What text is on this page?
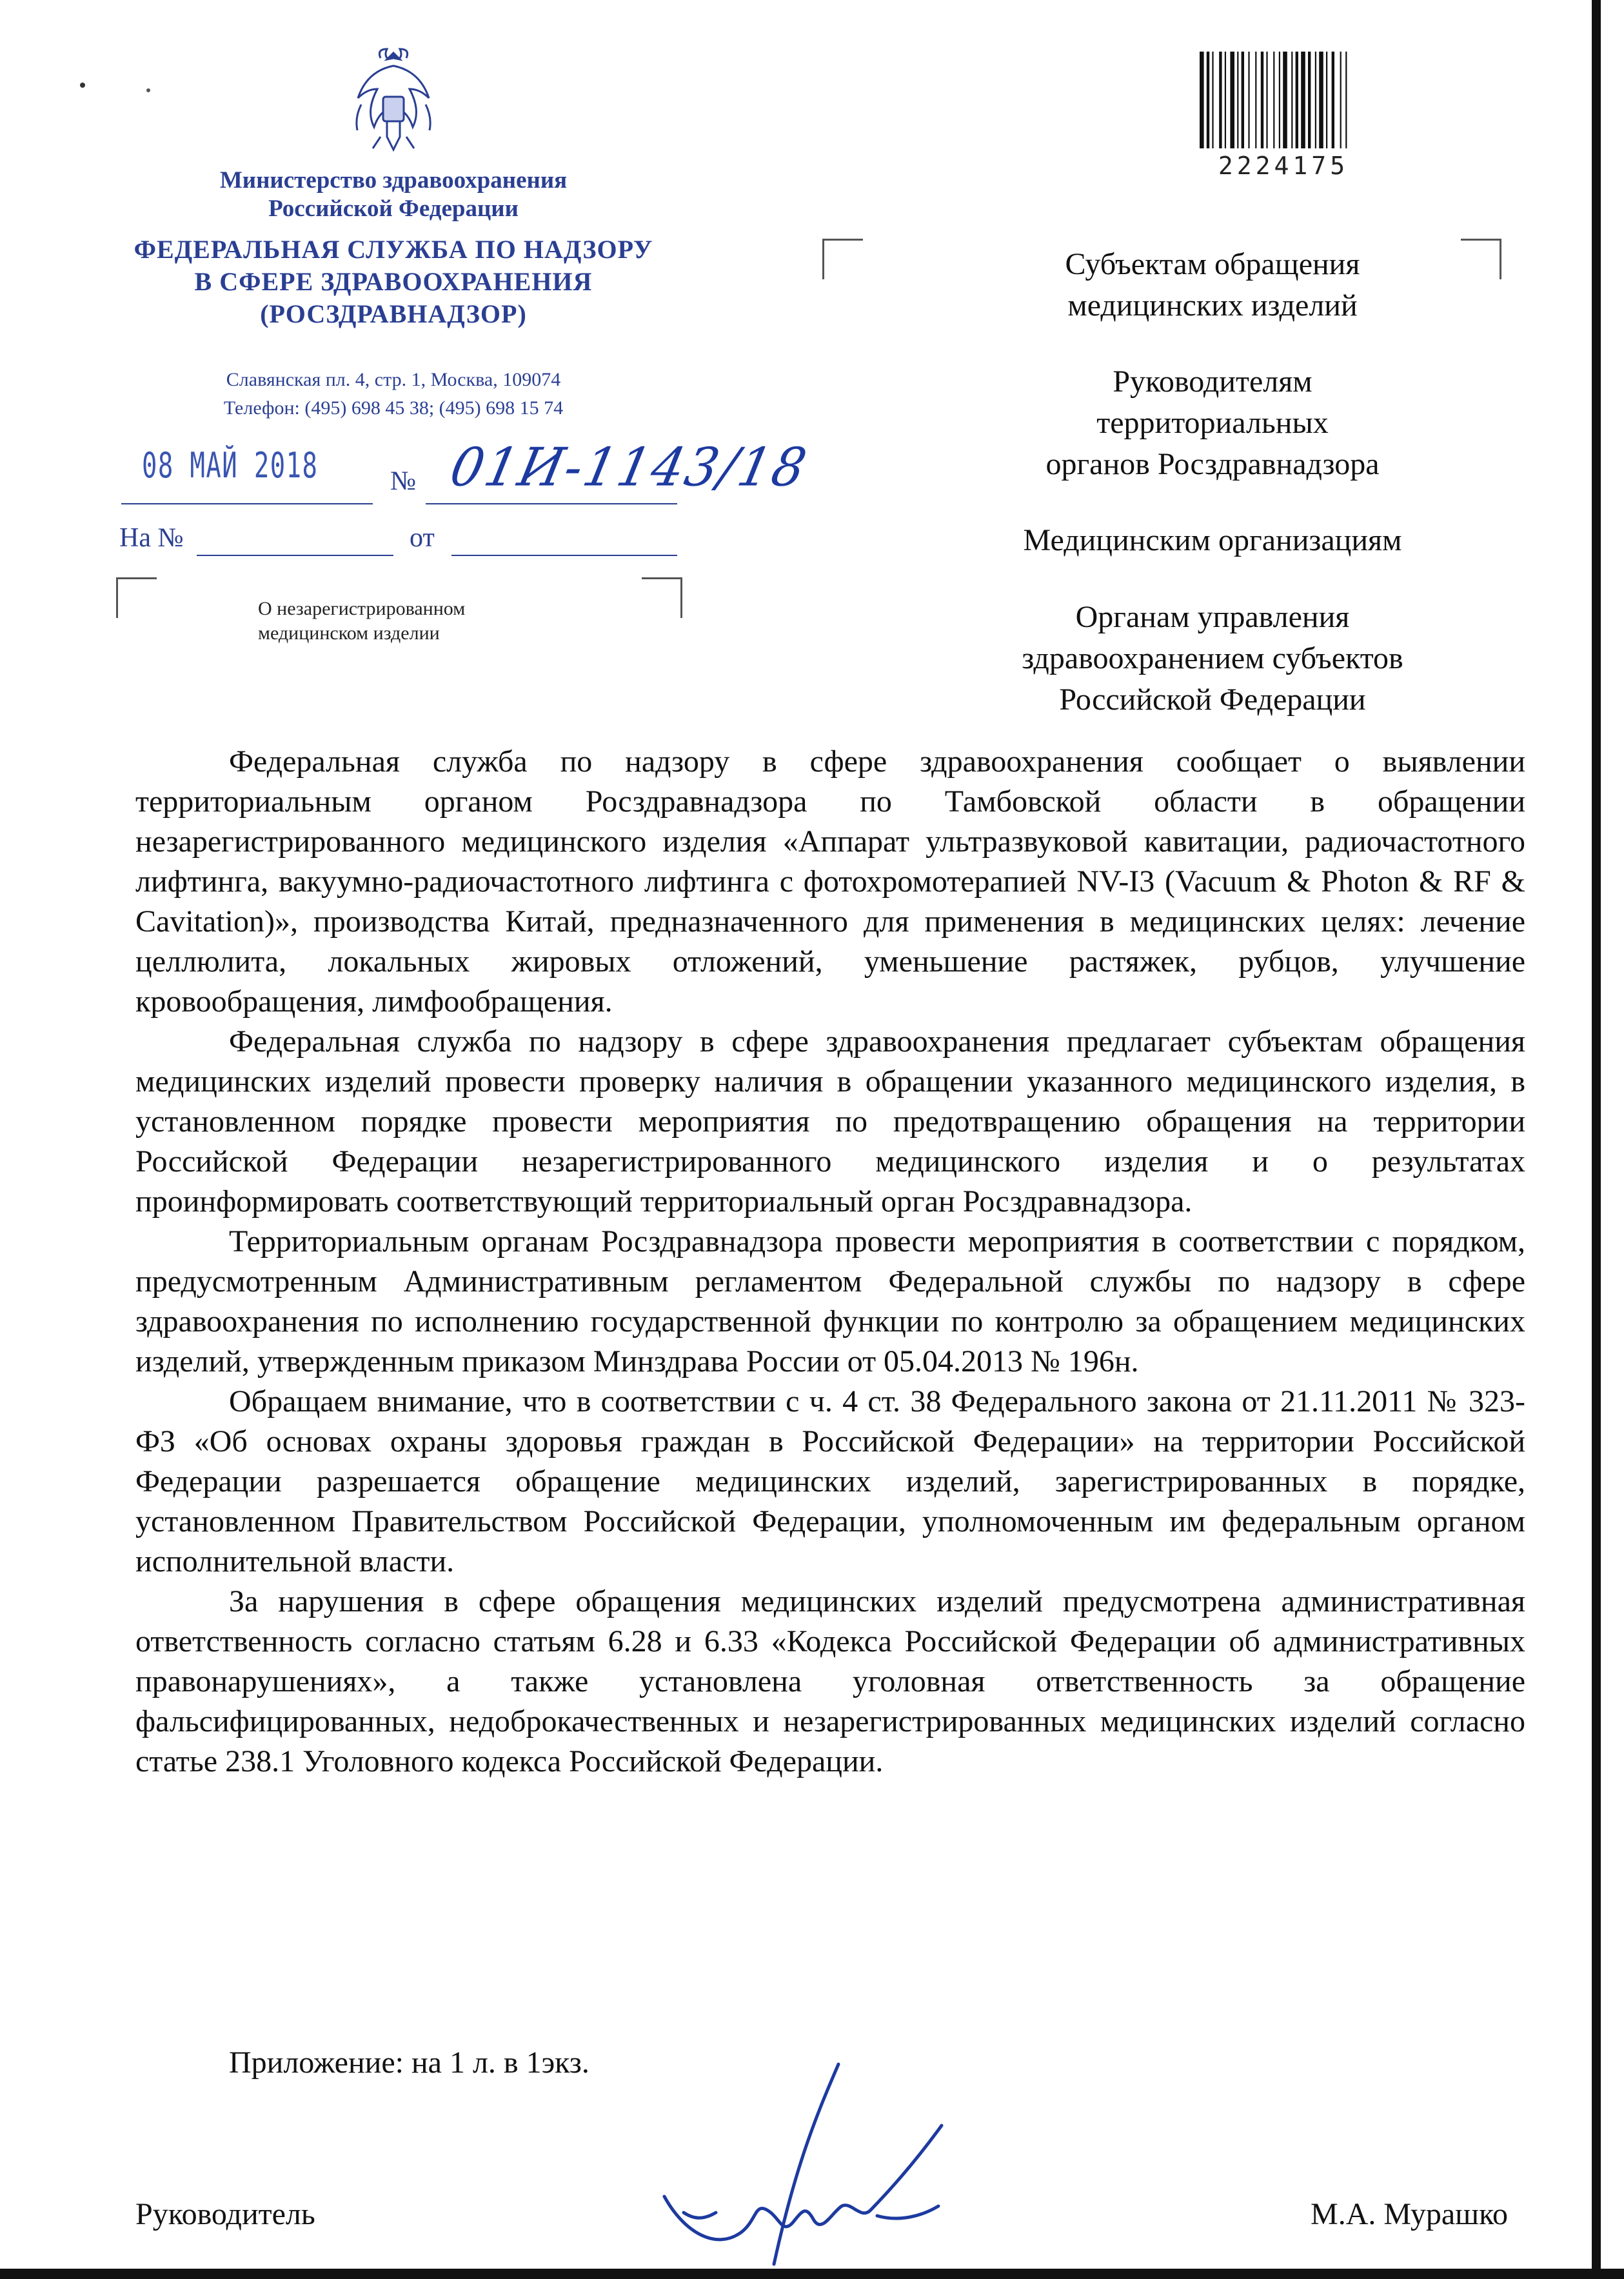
Министерство здравоохранения
Российской Федерации
ФЕДЕРАЛЬНАЯ СЛУЖБА ПО НАДЗОРУ
В СФЕРЕ ЗДРАВООХРАНЕНИЯ
(РОСЗДРАВНАДЗОР)
Славянская пл. 4, стр. 1, Москва, 109074
Телефон: (495) 698 45 38; (495) 698 15 74
08 МАЙ 2018	№ 01И-1143/18
На №	от
О незарегистрированном
медицинском изделии
2224175
Субъектам обращения
медицинских изделий
Руководителям
территориальных
органов Росздравнадзора
Медицинским организациям
Органам управления
здравоохранением субъектов
Российской Федерации

Федеральная служба по надзору в сфере здравоохранения сообщает о выявлении территориальным органом Росздравнадзора по Тамбовской области в обращении незарегистрированного медицинского изделия «Аппарат ультразвуковой кавитации, радиочастотного лифтинга, вакуумно-радиочастотного лифтинга с фотохромотерапией NV-I3 (Vacuum & Photon & RF & Cavitation)», производства Китай, предназначенного для применения в медицинских целях: лечение целлюлита, локальных жировых отложений, уменьшение растяжек, рубцов, улучшение кровообращения, лимфообращения.

Федеральная служба по надзору в сфере здравоохранения предлагает субъектам обращения медицинских изделий провести проверку наличия в обращении указанного медицинского изделия, в установленном порядке провести мероприятия по предотвращению обращения на территории Российской Федерации незарегистрированного медицинского изделия и о результатах проинформировать соответствующий территориальный орган Росздравнадзора.

Территориальным органам Росздравнадзора провести мероприятия в соответствии с порядком, предусмотренным Административным регламентом Федеральной службы по надзору в сфере здравоохранения по исполнению государственной функции по контролю за обращением медицинских изделий, утвержденным приказом Минздрава России от 05.04.2013 № 196н.

Обращаем внимание, что в соответствии с ч. 4 ст. 38 Федерального закона от 21.11.2011 № 323-ФЗ «Об основах охраны здоровья граждан в Российской Федерации» на территории Российской Федерации разрешается обращение медицинских изделий, зарегистрированных в порядке, установленном Правительством Российской Федерации, уполномоченным им федеральным органом исполнительной власти.

За нарушения в сфере обращения медицинских изделий предусмотрена административная ответственность согласно статьям 6.28 и 6.33 «Кодекса Российской Федерации об административных правонарушениях», а также установлена уголовная ответственность за обращение фальсифицированных, недоброкачественных и незарегистрированных медицинских изделий согласно статье 238.1 Уголовного кодекса Российской Федерации.

Приложение: на 1 л. в 1экз.
Руководитель	М.А. Мурашко
